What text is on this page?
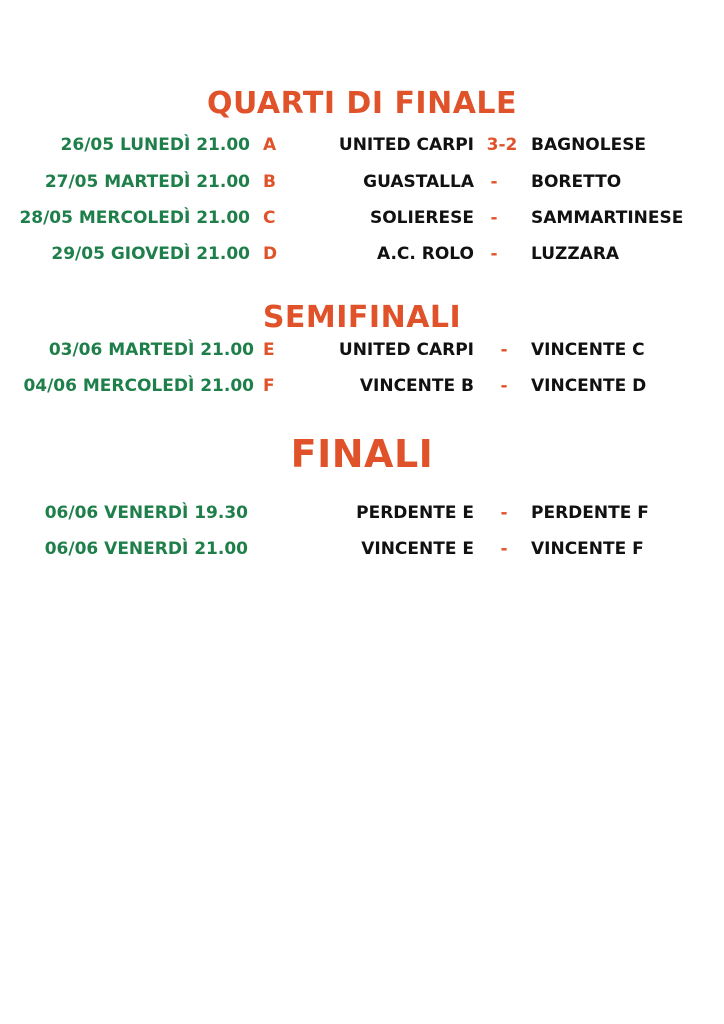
QUARTI DI FINALE
26/05 LUNEDÌ 21.00 A	UNITED CARPI 3-2 BAGNOLESE
27/05 MARTEDÌ 21.00 B	GUASTALLA -	BORETTO
28/05 MERCOLEDÌ 21.00 C	SOLIERESE -	SAMMARTINESE
29/05 GIOVEDÌ 21.00 D	A.C. ROLO -	LUZZARA
SEMIFINALI
03/06 MARTEDÌ 21.00 E	UNITED CARPI	-	VINCENTE C
04/06 MERCOLEDÌ 21.00 F	VINCENTE B	-	VINCENTE D
FINALI
06/06 VENERDÌ 19.30	PERDENTE E	-	PERDENTE F
06/06 VENERDÌ 21.00	VINCENTE E	-	VINCENTE F
